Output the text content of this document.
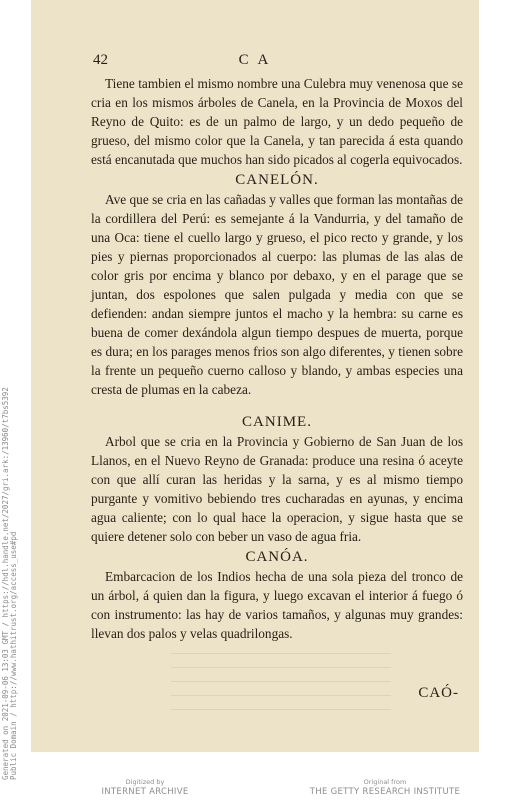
Generated on 2021-09-06 13:03 GMT / https://hdl.handle.net/2027/gri.ark:/13960/t7bs5392 Public Domain / http://www.hathitrust.org/access_use#pd
42	C A

Tiene tambien el mismo nombre una Culebra muy venenosa que se cria en los mismos árboles de Canela, en la Provincia de Moxos del Reyno de Quito: es de un palmo de largo, y un dedo pequeño de grueso, del mismo color que la Canela, y tan parecida á esta quando está encanutada que muchos han sido picados al cogerla equivocados.

CANELÓN.

Ave que se cria en las cañadas y valles que forman las montañas de la cordillera del Perú: es semejante á la Vandurria, y del tamaño de una Oca: tiene el cuello largo y grueso, el pico recto y grande, y los pies y piernas proporcionados al cuerpo: las plumas de las alas de color gris por encima y blanco por debaxo, y en el parage que se juntan, dos espolones que salen pulgada y media con que se defienden: andan siempre juntos el macho y la hembra: su carne es buena de comer dexándola algun tiempo despues de muerta, porque es dura; en los parages menos frios son algo diferentes, y tienen sobre la frente un pequeño cuerno calloso y blando, y ambas especies una cresta de plumas en la cabeza.

CANIME.

Arbol que se cria en la Provincia y Gobierno de San Juan de los Llanos, en el Nuevo Reyno de Granada: produce una resina ó aceyte con que allí curan las heridas y la sarna, y es al mismo tiempo purgante y vomitivo bebiendo tres cucharadas en ayunas, y encima agua caliente; con lo qual hace la operacion, y sigue hasta que se quiere detener solo con beber un vaso de agua fria.

CANÓA.

Embarcacion de los Indios hecha de una sola pieza del tronco de un árbol, á quien dan la figura, y luego excavan el interior á fuego ó con instrumento: las hay de varios tamaños, y algunas muy grandes: llevan dos palos y velas quadrilongas.

CAÓ-
Digitized by
INTERNET ARCHIVE
Original from
THE GETTY RESEARCH INSTITUTE
